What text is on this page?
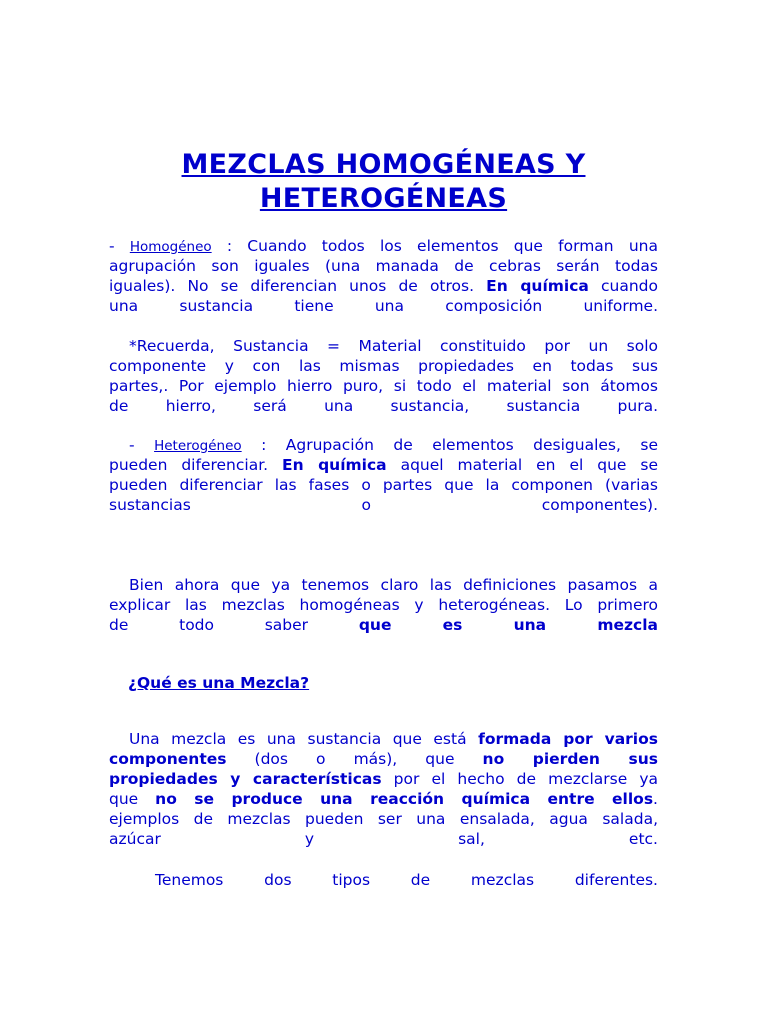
MEZCLAS HOMOGÉNEAS Y
HETEROGÉNEAS
- Homogéneo : Cuando todos los elementos que forman una
agrupación son iguales (una manada de cebras serán todas
iguales). No se diferencian unos de otros. En química cuando
una sustancia tiene una composición uniforme.
*Recuerda, Sustancia = Material constituido por un solo
componente y con las mismas propiedades en todas sus
partes,. Por ejemplo hierro puro, si todo el material son átomos
de hierro, será una sustancia, sustancia pura.
- Heterogéneo : Agrupación de elementos desiguales, se
pueden diferenciar. En química aquel material en el que se
pueden diferenciar las fases o partes que la componen (varias
sustancias o componentes).
Bien ahora que ya tenemos claro las definiciones pasamos a
explicar las mezclas homogéneas y heterogéneas. Lo primero
de todo saber que es una mezcla
¿Qué es una Mezcla?
Una mezcla es una sustancia que está formada por varios
componentes (dos o más), que no pierden sus
propiedades y características por el hecho de mezclarse ya
que no se produce una reacción química entre ellos.
ejemplos de mezclas pueden ser una ensalada, agua salada,
azúcar y sal, etc.
Tenemos dos tipos de mezclas diferentes.
